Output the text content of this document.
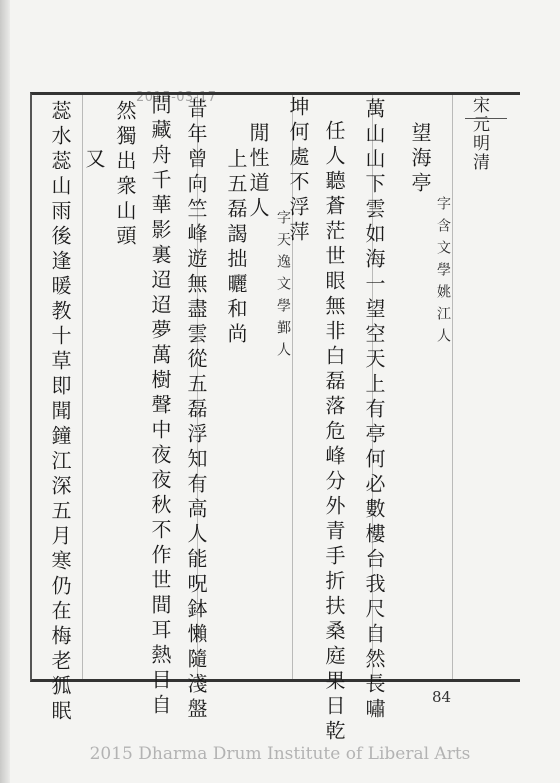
2015-03-17	宋元明清
望海亭
字含文學姚江人
萬山山下雲如海一望空天上有亭何必數樓台我尺自然長嘯
任人聽蒼茫世眼無非白磊落危峰分外青手折扶桑庭果日乾
坤何處不浮萍
閒性道人
字天逸文學鄞人
上五磊謁拙曬和尚
昔年曾向竺峰遊無盡雲從五磊浮知有高人能呪鉢懶隨淺盤
問藏舟千華影裏迢迢夢萬樹聲中夜夜秋不作世間耳熱目自
然獨出衆山頭
又
蕊水蕊山雨後逢暖教十草即聞鐘江深五月寒仍在梅老狐眠	84
2015 Dharma Drum Institute of Liberal Arts
